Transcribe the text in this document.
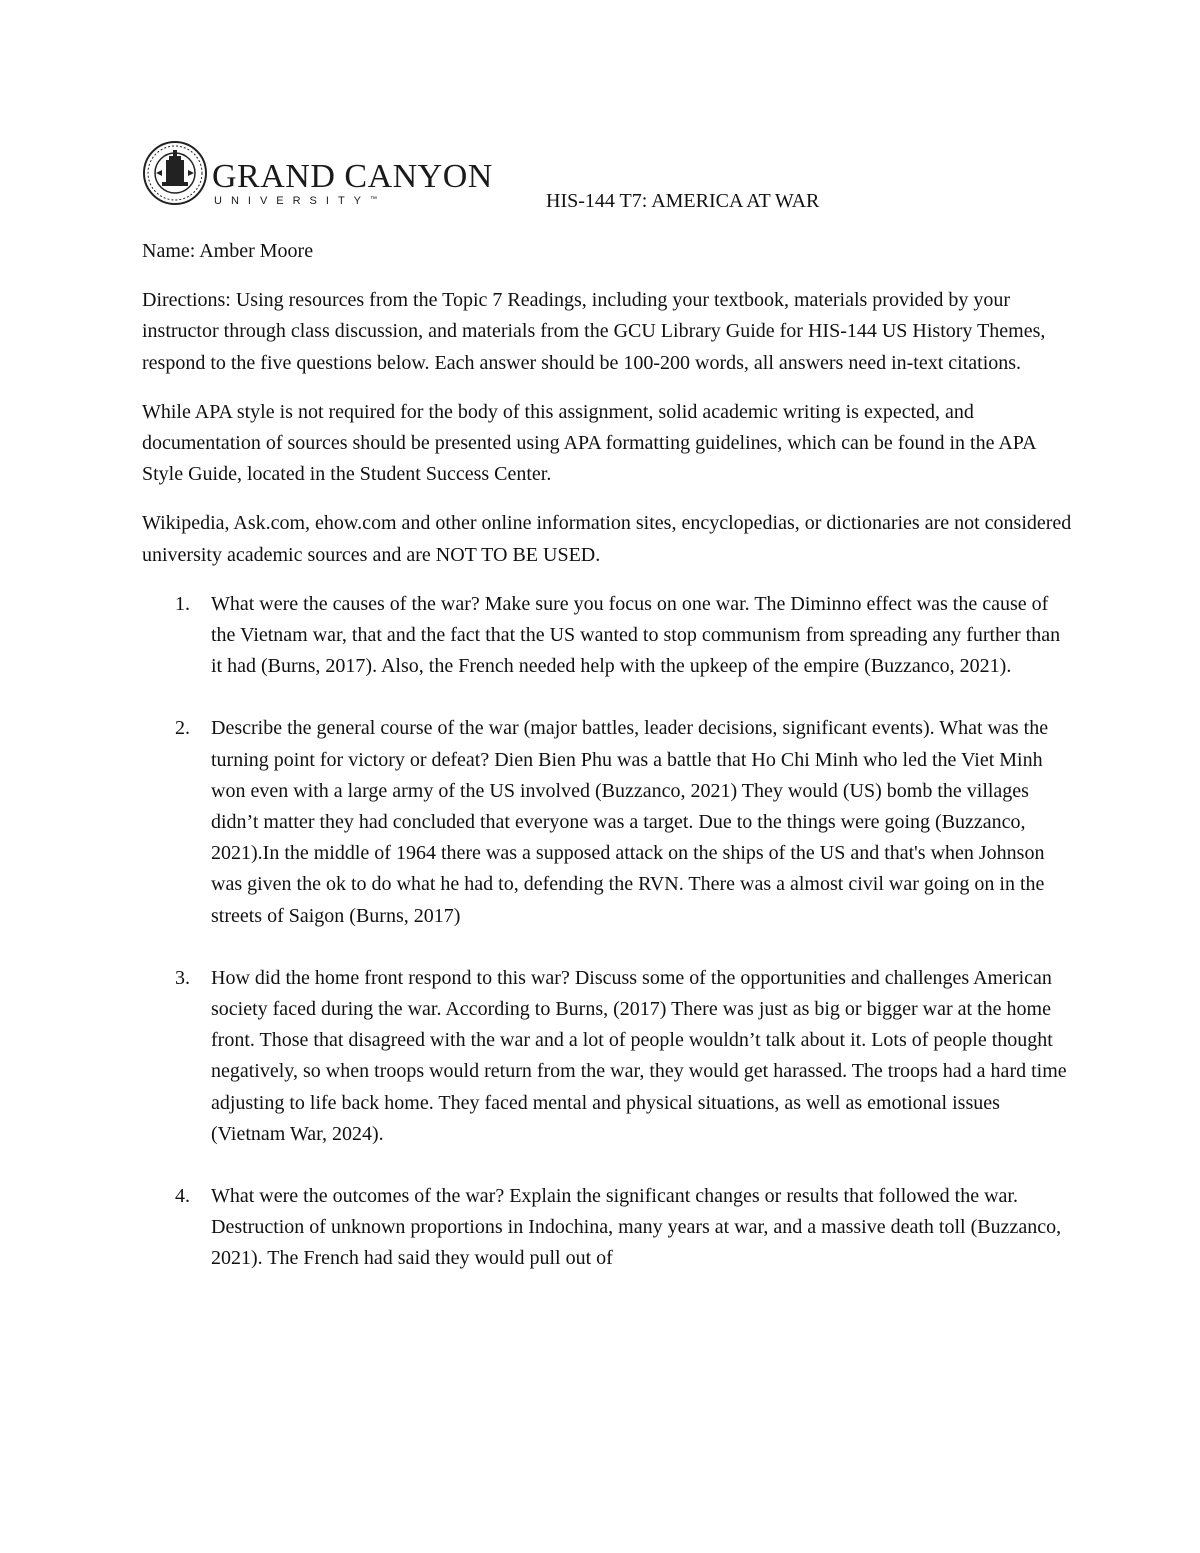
GRAND CANYON
UNIVERSITY™	HIS-144 T7: AMERICA AT WAR

Name: Amber Moore

Directions: Using resources from the Topic 7 Readings, including your textbook, materials provided by your instructor through class discussion, and materials from the GCU Library Guide for HIS-144 US History Themes, respond to the five questions below. Each answer should be 100-200 words, all answers need in-text citations.

While APA style is not required for the body of this assignment, solid academic writing is expected, and documentation of sources should be presented using APA formatting guidelines, which can be found in the APA Style Guide, located in the Student Success Center.

Wikipedia, Ask.com, ehow.com and other online information sites, encyclopedias, or dictionaries are not considered university academic sources and are NOT TO BE USED.

1. What were the causes of the war? Make sure you focus on one war. The Diminno effect was the cause of the Vietnam war, that and the fact that the US wanted to stop communism from spreading any further than it had (Burns, 2017). Also, the French needed help with the upkeep of the empire (Buzzanco, 2021).
2. Describe the general course of the war (major battles, leader decisions, significant events). What was the turning point for victory or defeat? Dien Bien Phu was a battle that Ho Chi Minh who led the Viet Minh won even with a large army of the US involved (Buzzanco, 2021) They would (US) bomb the villages didn’t matter they had concluded that everyone was a target. Due to the things were going (Buzzanco, 2021).In the middle of 1964 there was a supposed attack on the ships of the US and that's when Johnson was given the ok to do what he had to, defending the RVN. There was a almost civil war going on in the streets of Saigon (Burns, 2017)
3. How did the home front respond to this war? Discuss some of the opportunities and challenges American society faced during the war. According to Burns, (2017) There was just as big or bigger war at the home front. Those that disagreed with the war and a lot of people wouldn’t talk about it. Lots of people thought negatively, so when troops would return from the war, they would get harassed. The troops had a hard time adjusting to life back home. They faced mental and physical situations, as well as emotional issues (Vietnam War, 2024).
4. What were the outcomes of the war? Explain the significant changes or results that followed the war. Destruction of unknown proportions in Indochina, many years at war, and a massive death toll (Buzzanco, 2021). The French had said they would pull out of
